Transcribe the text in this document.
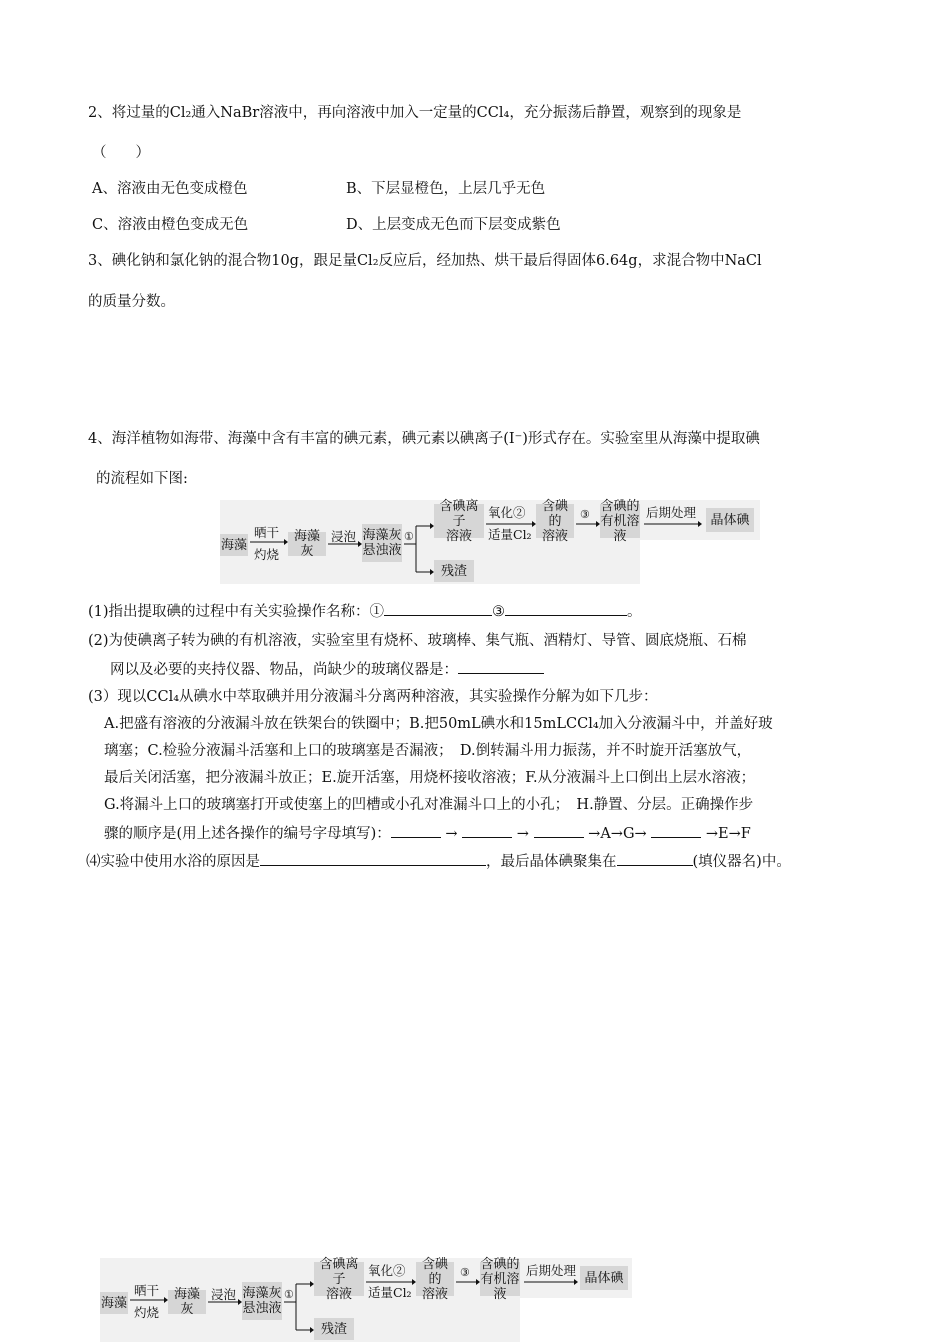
2、将过量的Cl₂通入NaBr溶液中，再向溶液中加入一定量的CCl₄，充分振荡后静置，观察到的现象是
（　　）
A、溶液由无色变成橙色	B、下层显橙色，上层几乎无色
C、溶液由橙色变成无色	D、上层变成无色而下层变成紫色
3、碘化钠和氯化钠的混合物10g，跟足量Cl₂反应后，经加热、烘干最后得固体6.64g，求混合物中NaCl
的质量分数。
4、海洋植物如海带、海藻中含有丰富的碘元素，碘元素以碘离子(I⁻)形式存在。实验室里从海藻中提取碘
的流程如下图:
海藻
晒干
灼烧
海藻灰
浸泡 海藻灰
悬浊液
①
含碘离子
溶液
氧化②
适量Cl₂
含碘的
溶液
③
含碘的
有机溶液
残渣
后期处理	晶体碘
(1)指出提取碘的过程中有关实验操作名称：①	③	。
(2)为使碘离子转为碘的有机溶液，实验室里有烧杯、玻璃棒、集气瓶、酒精灯、导管、圆底烧瓶、石棉
网以及必要的夹持仪器、物品，尚缺少的玻璃仪器是：
(3）现以CCl₄从碘水中萃取碘并用分液漏斗分离两种溶液，其实验操作分解为如下几步：
A.把盛有溶液的分液漏斗放在铁架台的铁圈中；B.把50mL碘水和15mLCCl₄加入分液漏斗中，并盖好玻
璃塞；C.检验分液漏斗活塞和上口的玻璃塞是否漏液；　D.倒转漏斗用力振荡，并不时旋开活塞放气，
最后关闭活塞，把分液漏斗放正；E.旋开活塞，用烧杯接收溶液；F.从分液漏斗上口倒出上层水溶液；
G.将漏斗上口的玻璃塞打开或使塞上的凹槽或小孔对准漏斗口上的小孔；　H.静置、分层。正确操作步
骤的顺序是(用上述各操作的编号字母填写)：	→	→	→A→G→	→E→F
⑷实验中使用水浴的原因是	，最后晶体碘聚集在	(填仪器名)中。
海藻
晒干
灼烧
海藻灰
浸泡 海藻灰
悬浊液
①
含碘离子
溶液
氧化②
适量Cl₂
含碘的
溶液
③
含碘的
有机溶液
残渣
后期处理 晶体碘
